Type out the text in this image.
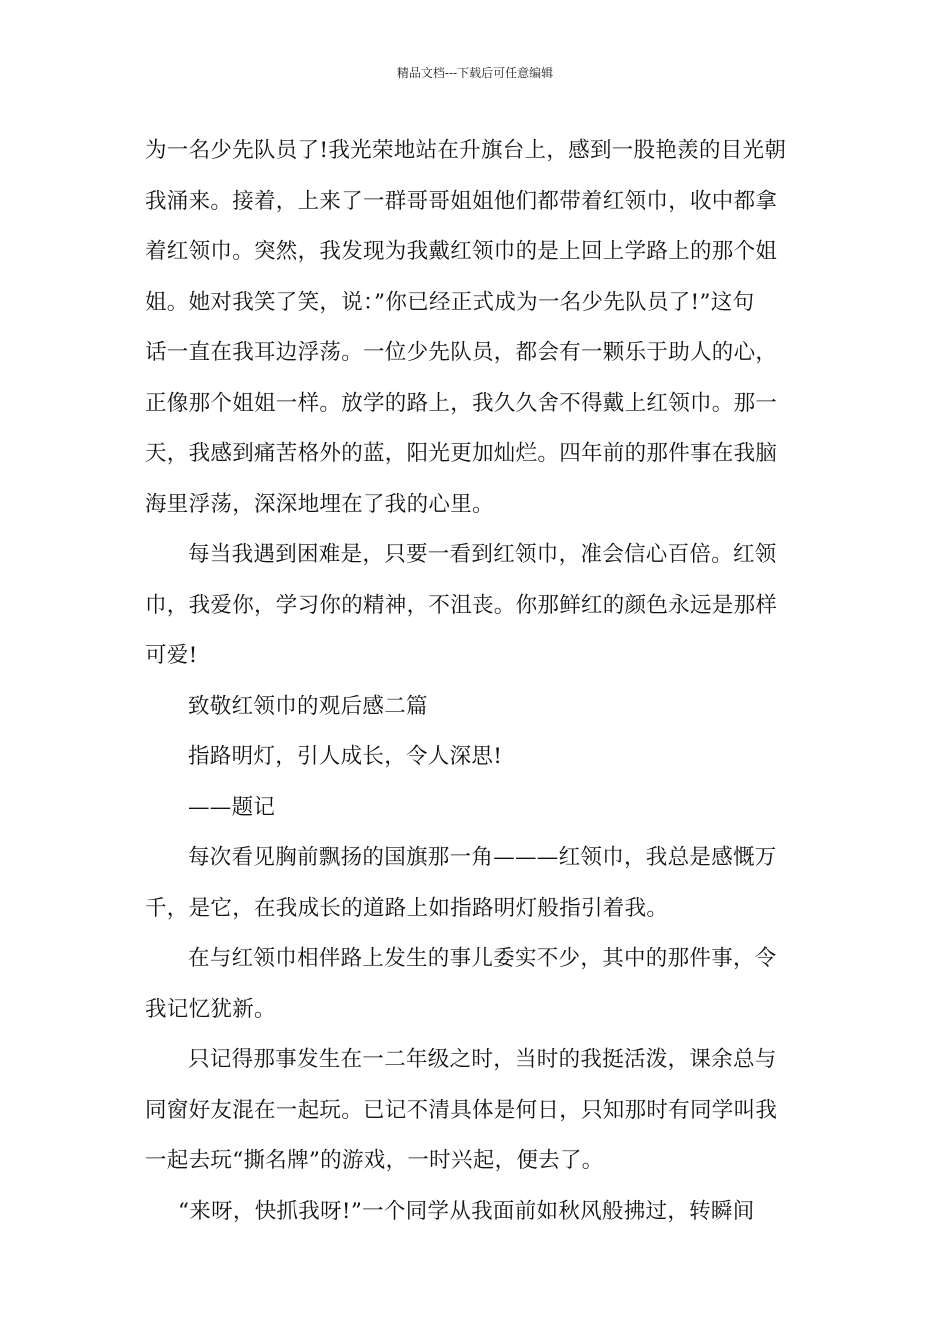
精品文档---下载后可任意编辑
为一名少先队员了!我光荣地站在升旗台上，感到一股艳羡的目光朝
我涌来。接着，上来了一群哥哥姐姐他们都带着红领巾，收中都拿
着红领巾。突然，我发现为我戴红领巾的是上回上学路上的那个姐
姐。她对我笑了笑，说：”你已经正式成为一名少先队员了!”这句
话一直在我耳边浮荡。一位少先队员，都会有一颗乐于助人的心，
正像那个姐姐一样。放学的路上，我久久舍不得戴上红领巾。那一
天，我感到痛苦格外的蓝，阳光更加灿烂。四年前的那件事在我脑
海里浮荡，深深地埋在了我的心里。
每当我遇到困难是，只要一看到红领巾，准会信心百倍。红领
巾，我爱你，学习你的精神，不沮丧。你那鲜红的颜色永远是那样
可爱!
致敬红领巾的观后感二篇
指路明灯，引人成长，令人深思!
——题记
每次看见胸前飘扬的国旗那一角———红领巾，我总是感慨万
千，是它，在我成长的道路上如指路明灯般指引着我。
在与红领巾相伴路上发生的事儿委实不少，其中的那件事，令
我记忆犹新。
只记得那事发生在一二年级之时，当时的我挺活泼，课余总与
同窗好友混在一起玩。已记不清具体是何日，只知那时有同学叫我
一起去玩“撕名牌”的游戏，一时兴起，便去了。
“来呀，快抓我呀!”一个同学从我面前如秋风般拂过，转瞬间
